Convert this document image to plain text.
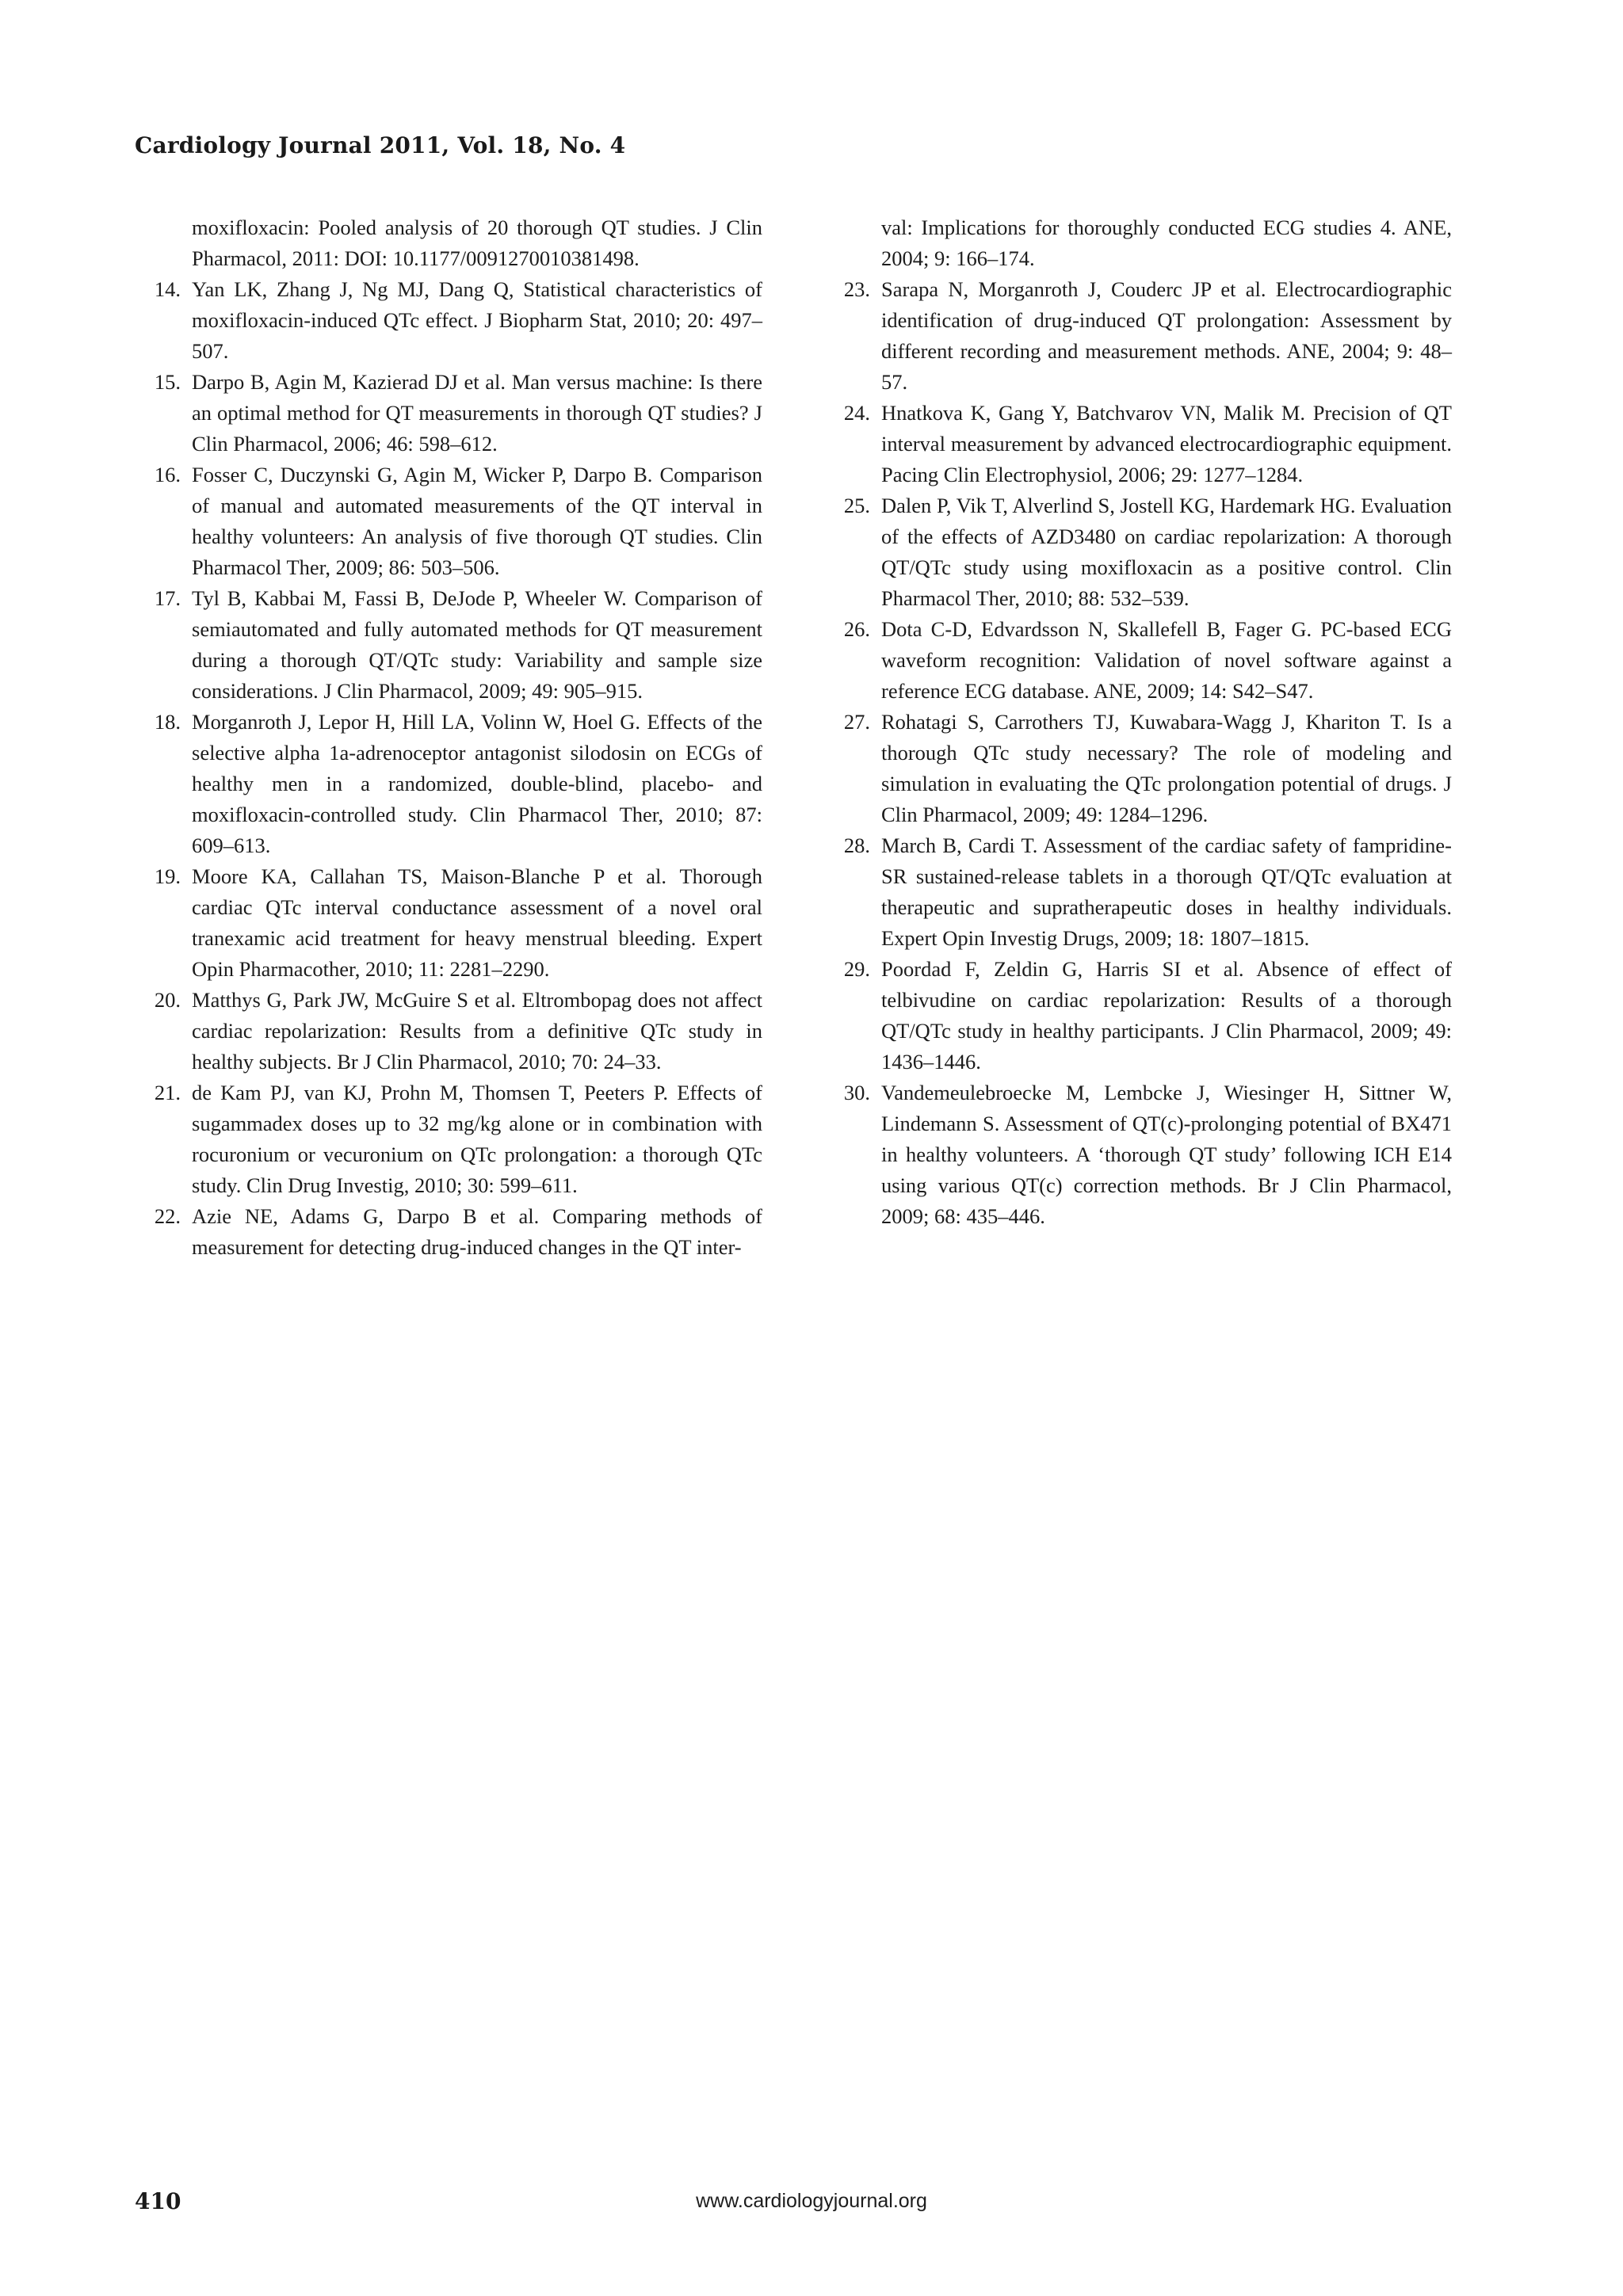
Cardiology Journal 2011, Vol. 18, No. 4
moxifloxacin: Pooled analysis of 20 thorough QT studies. J Clin Pharmacol, 2011: DOI: 10.1177/0091270010381498.
14. Yan LK, Zhang J, Ng MJ, Dang Q, Statistical characteristics of moxifloxacin-induced QTc effect. J Biopharm Stat, 2010; 20: 497–507.
15. Darpo B, Agin M, Kazierad DJ et al. Man versus machine: Is there an optimal method for QT measurements in thorough QT studies? J Clin Pharmacol, 2006; 46: 598–612.
16. Fosser C, Duczynski G, Agin M, Wicker P, Darpo B. Comparison of manual and automated measurements of the QT interval in healthy volunteers: An analysis of five thorough QT studies. Clin Pharmacol Ther, 2009; 86: 503–506.
17. Tyl B, Kabbai M, Fassi B, DeJode P, Wheeler W. Comparison of semiautomated and fully automated methods for QT measurement during a thorough QT/QTc study: Variability and sample size considerations. J Clin Pharmacol, 2009; 49: 905–915.
18. Morganroth J, Lepor H, Hill LA, Volinn W, Hoel G. Effects of the selective alpha 1a-adrenoceptor antagonist silodosin on ECGs of healthy men in a randomized, double-blind, placebo- and moxifloxacin-controlled study. Clin Pharmacol Ther, 2010; 87: 609–613.
19. Moore KA, Callahan TS, Maison-Blanche P et al. Thorough cardiac QTc interval conductance assessment of a novel oral tranexamic acid treatment for heavy menstrual bleeding. Expert Opin Pharmacother, 2010; 11: 2281–2290.
20. Matthys G, Park JW, McGuire S et al. Eltrombopag does not affect cardiac repolarization: Results from a definitive QTc study in healthy subjects. Br J Clin Pharmacol, 2010; 70: 24–33.
21. de Kam PJ, van KJ, Prohn M, Thomsen T, Peeters P. Effects of sugammadex doses up to 32 mg/kg alone or in combination with rocuronium or vecuronium on QTc prolongation: a thorough QTc study. Clin Drug Investig, 2010; 30: 599–611.
22. Azie NE, Adams G, Darpo B et al. Comparing methods of measurement for detecting drug-induced changes in the QT inter-
val: Implications for thoroughly conducted ECG studies 4. ANE, 2004; 9: 166–174.
23. Sarapa N, Morganroth J, Couderc JP et al. Electrocardiographic identification of drug-induced QT prolongation: Assessment by different recording and measurement methods. ANE, 2004; 9: 48–57.
24. Hnatkova K, Gang Y, Batchvarov VN, Malik M. Precision of QT interval measurement by advanced electrocardiographic equipment. Pacing Clin Electrophysiol, 2006; 29: 1277–1284.
25. Dalen P, Vik T, Alverlind S, Jostell KG, Hardemark HG. Evaluation of the effects of AZD3480 on cardiac repolarization: A thorough QT/QTc study using moxifloxacin as a positive control. Clin Pharmacol Ther, 2010; 88: 532–539.
26. Dota C-D, Edvardsson N, Skallefell B, Fager G. PC-based ECG waveform recognition: Validation of novel software against a reference ECG database. ANE, 2009; 14: S42–S47.
27. Rohatagi S, Carrothers TJ, Kuwabara-Wagg J, Khariton T. Is a thorough QTc study necessary? The role of modeling and simulation in evaluating the QTc prolongation potential of drugs. J Clin Pharmacol, 2009; 49: 1284–1296.
28. March B, Cardi T. Assessment of the cardiac safety of fampridine-SR sustained-release tablets in a thorough QT/QTc evaluation at therapeutic and supratherapeutic doses in healthy individuals. Expert Opin Investig Drugs, 2009; 18: 1807–1815.
29. Poordad F, Zeldin G, Harris SI et al. Absence of effect of telbivudine on cardiac repolarization: Results of a thorough QT/QTc study in healthy participants. J Clin Pharmacol, 2009; 49: 1436–1446.
30. Vandemeulebroecke M, Lembcke J, Wiesinger H, Sittner W, Lindemann S. Assessment of QT(c)-prolonging potential of BX471 in healthy volunteers. A ‘thorough QT study’ following ICH E14 using various QT(c) correction methods. Br J Clin Pharmacol, 2009; 68: 435–446.
410	www.cardiologyjournal.org
